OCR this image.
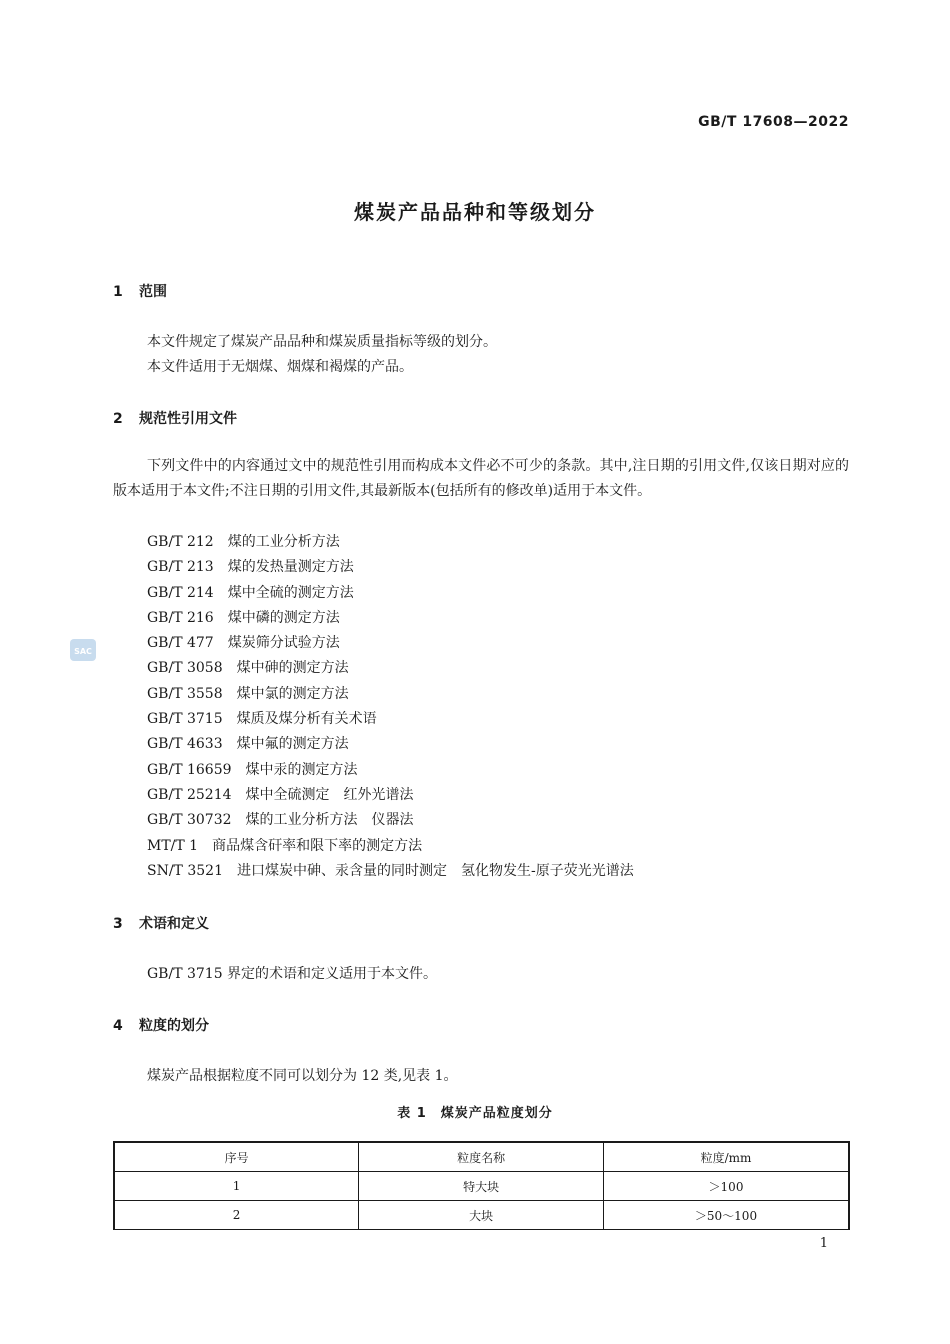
GB/T 17608—2022
煤炭产品品种和等级划分
1 范围
本文件规定了煤炭产品品种和煤炭质量指标等级的划分。
本文件适用于无烟煤、烟煤和褐煤的产品。
2 规范性引用文件
下列文件中的内容通过文中的规范性引用而构成本文件必不可少的条款。其中,注日期的引用文件,仅该日期对应的版本适用于本文件;不注日期的引用文件,其最新版本(包括所有的修改单)适用于本文件。
GB/T 212 煤的工业分析方法
GB/T 213 煤的发热量测定方法
GB/T 214 煤中全硫的测定方法
GB/T 216 煤中磷的测定方法
GB/T 477 煤炭筛分试验方法
GB/T 3058 煤中砷的测定方法
GB/T 3558 煤中氯的测定方法
GB/T 3715 煤质及煤分析有关术语
GB/T 4633 煤中氟的测定方法
GB/T 16659 煤中汞的测定方法
GB/T 25214 煤中全硫测定　红外光谱法
GB/T 30732 煤的工业分析方法　仪器法
MT/T 1 商品煤含矸率和限下率的测定方法
SN/T 3521 进口煤炭中砷、汞含量的同时测定　氢化物发生-原子荧光光谱法
3 术语和定义
GB/T 3715 界定的术语和定义适用于本文件。
4 粒度的划分
煤炭产品根据粒度不同可以划分为 12 类,见表 1。
表 1　煤炭产品粒度划分
序号	粒度名称	粒度/mm
1	特大块	＞100
2	大块	＞50～100
1
SAC
